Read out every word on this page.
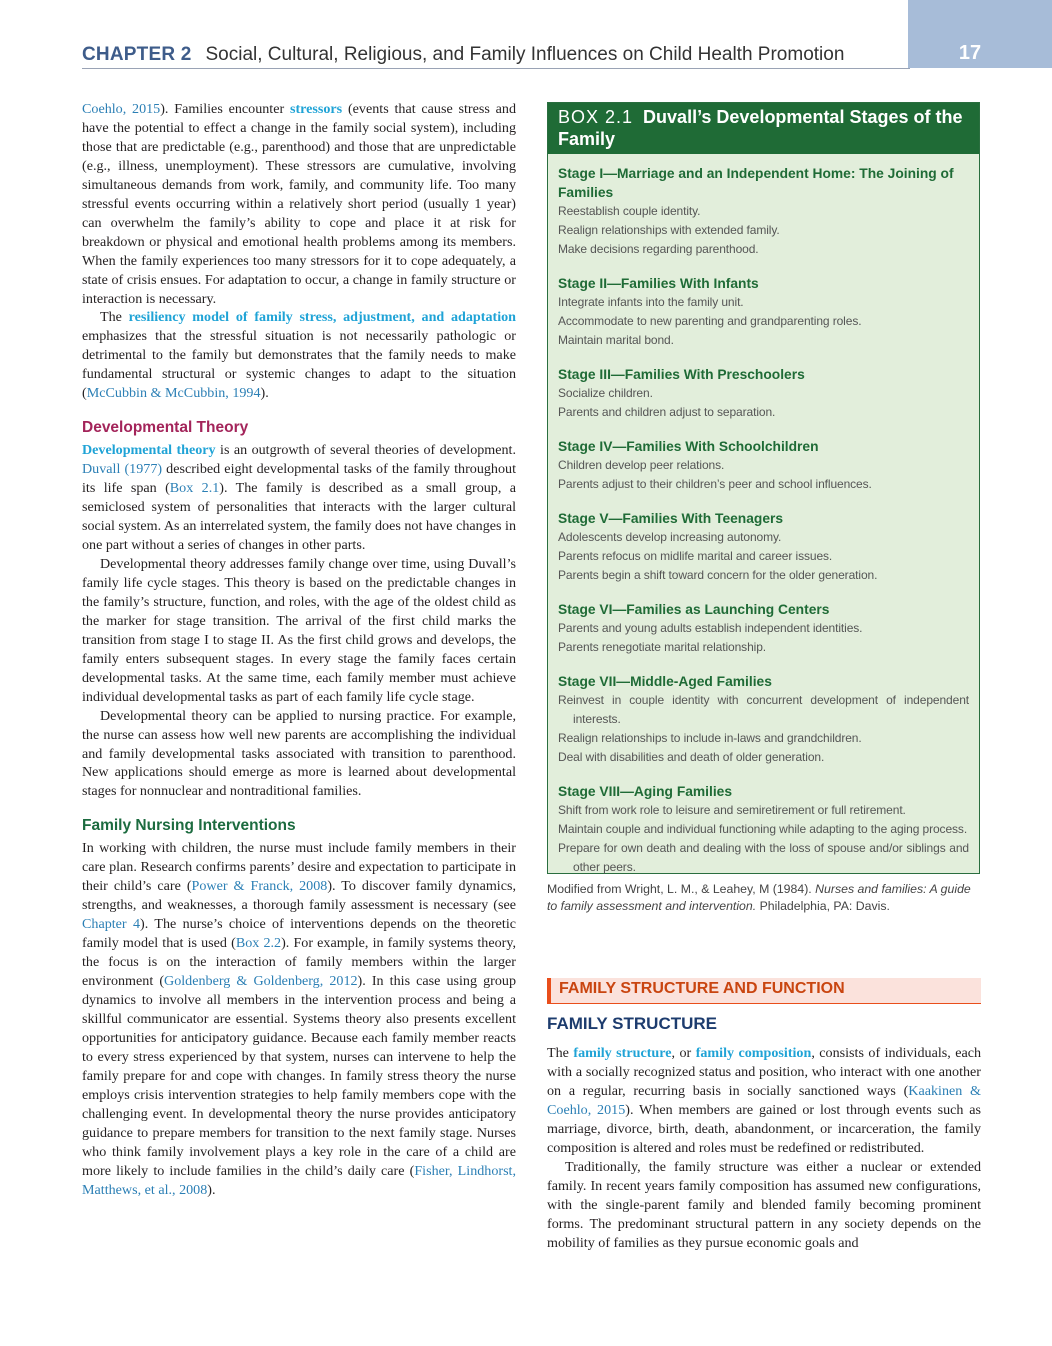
CHAPTER 2 Social, Cultural, Religious, and Family Influences on Child Health Promotion	17

Coehlo, 2015). Families encounter stressors (events that cause stress and have the potential to effect a change in the family social system), including those that are predictable (e.g., parenthood) and those that are unpredictable (e.g., illness, unemployment). These stressors are cumulative, involving simultaneous demands from work, family, and community life. Too many stressful events occurring within a relatively short period (usually 1 year) can overwhelm the family’s ability to cope and place it at risk for breakdown or physical and emotional health problems among its members. When the family experiences too many stressors for it to cope adequately, a state of crisis ensues. For adaptation to occur, a change in family structure or interaction is necessary.

The resiliency model of family stress, adjustment, and adaptation emphasizes that the stressful situation is not necessarily pathologic or detrimental to the family but demonstrates that the family needs to make fundamental structural or systemic changes to adapt to the situation (McCubbin & McCubbin, 1994).

Developmental Theory

Developmental theory is an outgrowth of several theories of development. Duvall (1977) described eight developmental tasks of the family throughout its life span (Box 2.1). The family is described as a small group, a semiclosed system of personalities that interacts with the larger cultural social system. As an interrelated system, the family does not have changes in one part without a series of changes in other parts.

Developmental theory addresses family change over time, using Duvall’s family life cycle stages. This theory is based on the predictable changes in the family’s structure, function, and roles, with the age of the oldest child as the marker for stage transition. The arrival of the first child marks the transition from stage I to stage II. As the first child grows and develops, the family enters subsequent stages. In every stage the family faces certain developmental tasks. At the same time, each family member must achieve individual developmental tasks as part of each family life cycle stage.

Developmental theory can be applied to nursing practice. For example, the nurse can assess how well new parents are accomplishing the individual and family developmental tasks associated with transition to parenthood. New applications should emerge as more is learned about developmental stages for nonnuclear and nontraditional families.

Family Nursing Interventions

In working with children, the nurse must include family members in their care plan. Research confirms parents’ desire and expectation to participate in their child’s care (Power & Franck, 2008). To discover family dynamics, strengths, and weaknesses, a thorough family assessment is necessary (see Chapter 4). The nurse’s choice of interventions depends on the theoretic family model that is used (Box 2.2). For example, in family systems theory, the focus is on the interaction of family members within the larger environment (Goldenberg & Goldenberg, 2012). In this case using group dynamics to involve all members in the intervention process and being a skillful communicator are essential. Systems theory also presents excellent opportunities for anticipatory guidance. Because each family member reacts to every stress experienced by that system, nurses can intervene to help the family prepare for and cope with changes. In family stress theory the nurse employs crisis intervention strategies to help family members cope with the challenging event. In developmental theory the nurse provides anticipatory guidance to prepare members for transition to the next family stage. Nurses who think family involvement plays a key role in the care of a child are more likely to include families in the child’s daily care (Fisher, Lindhorst, Matthews, et al., 2008).

BOX 2.1 Duvall’s Developmental Stages of the Family
Stage I—Marriage and an Independent Home: The Joining of Families
Reestablish couple identity.
Realign relationships with extended family.
Make decisions regarding parenthood.
Stage II—Families With Infants
Integrate infants into the family unit.
Accommodate to new parenting and grandparenting roles.
Maintain marital bond.
Stage III—Families With Preschoolers
Socialize children.
Parents and children adjust to separation.
Stage IV—Families With Schoolchildren
Children develop peer relations.
Parents adjust to their children’s peer and school influences.
Stage V—Families With Teenagers
Adolescents develop increasing autonomy.
Parents refocus on midlife marital and career issues.
Parents begin a shift toward concern for the older generation.
Stage VI—Families as Launching Centers
Parents and young adults establish independent identities.
Parents renegotiate marital relationship.
Stage VII—Middle-Aged Families
Reinvest in couple identity with concurrent development of independent interests.
Realign relationships to include in-laws and grandchildren.
Deal with disabilities and death of older generation.
Stage VIII—Aging Families
Shift from work role to leisure and semiretirement or full retirement.
Maintain couple and individual functioning while adapting to the aging process.
Prepare for own death and dealing with the loss of spouse and/or siblings and other peers.
Modified from Wright, L. M., & Leahey, M (1984). Nurses and families: A guide to family assessment and intervention. Philadelphia, PA: Davis.
FAMILY STRUCTURE AND FUNCTION
FAMILY STRUCTURE

The family structure, or family composition, consists of individuals, each with a socially recognized status and position, who interact with one another on a regular, recurring basis in socially sanctioned ways (Kaakinen & Coehlo, 2015). When members are gained or lost through events such as marriage, divorce, birth, death, abandonment, or incarceration, the family composition is altered and roles must be redefined or redistributed.

Traditionally, the family structure was either a nuclear or extended family. In recent years family composition has assumed new configurations, with the single-parent family and blended family becoming prominent forms. The predominant structural pattern in any society depends on the mobility of families as they pursue economic goals and
